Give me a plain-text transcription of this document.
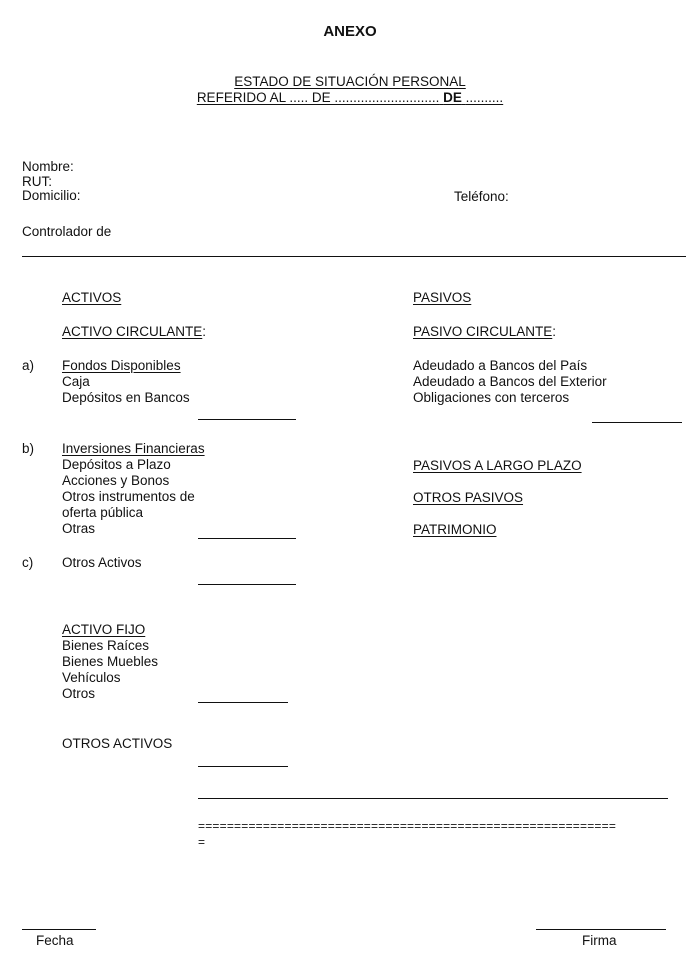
ANEXO
ESTADO DE SITUACIÓN PERSONAL
REFERIDO AL ..... DE ............................ DE ..........
Nombre:
RUT:
Domicilio:	Teléfono:
Controlador de
ACTIVOS
ACTIVO CIRCULANTE:
a) Fondos Disponibles
Caja
Depósitos en Bancos
b) Inversiones Financieras
Depósitos a Plazo
Acciones y Bonos
Otros instrumentos de
oferta pública
Otras
c) Otros Activos
ACTIVO FIJO
Bienes Raíces
Bienes Muebles
Vehículos
Otros
OTROS ACTIVOS
==========================================================
=
PASIVOS
PASIVO CIRCULANTE:
Adeudado a Bancos del País
Adeudado a Bancos del Exterior
Obligaciones con terceros
PASIVOS A LARGO PLAZO
OTROS PASIVOS
PATRIMONIO
Fecha	Firma
